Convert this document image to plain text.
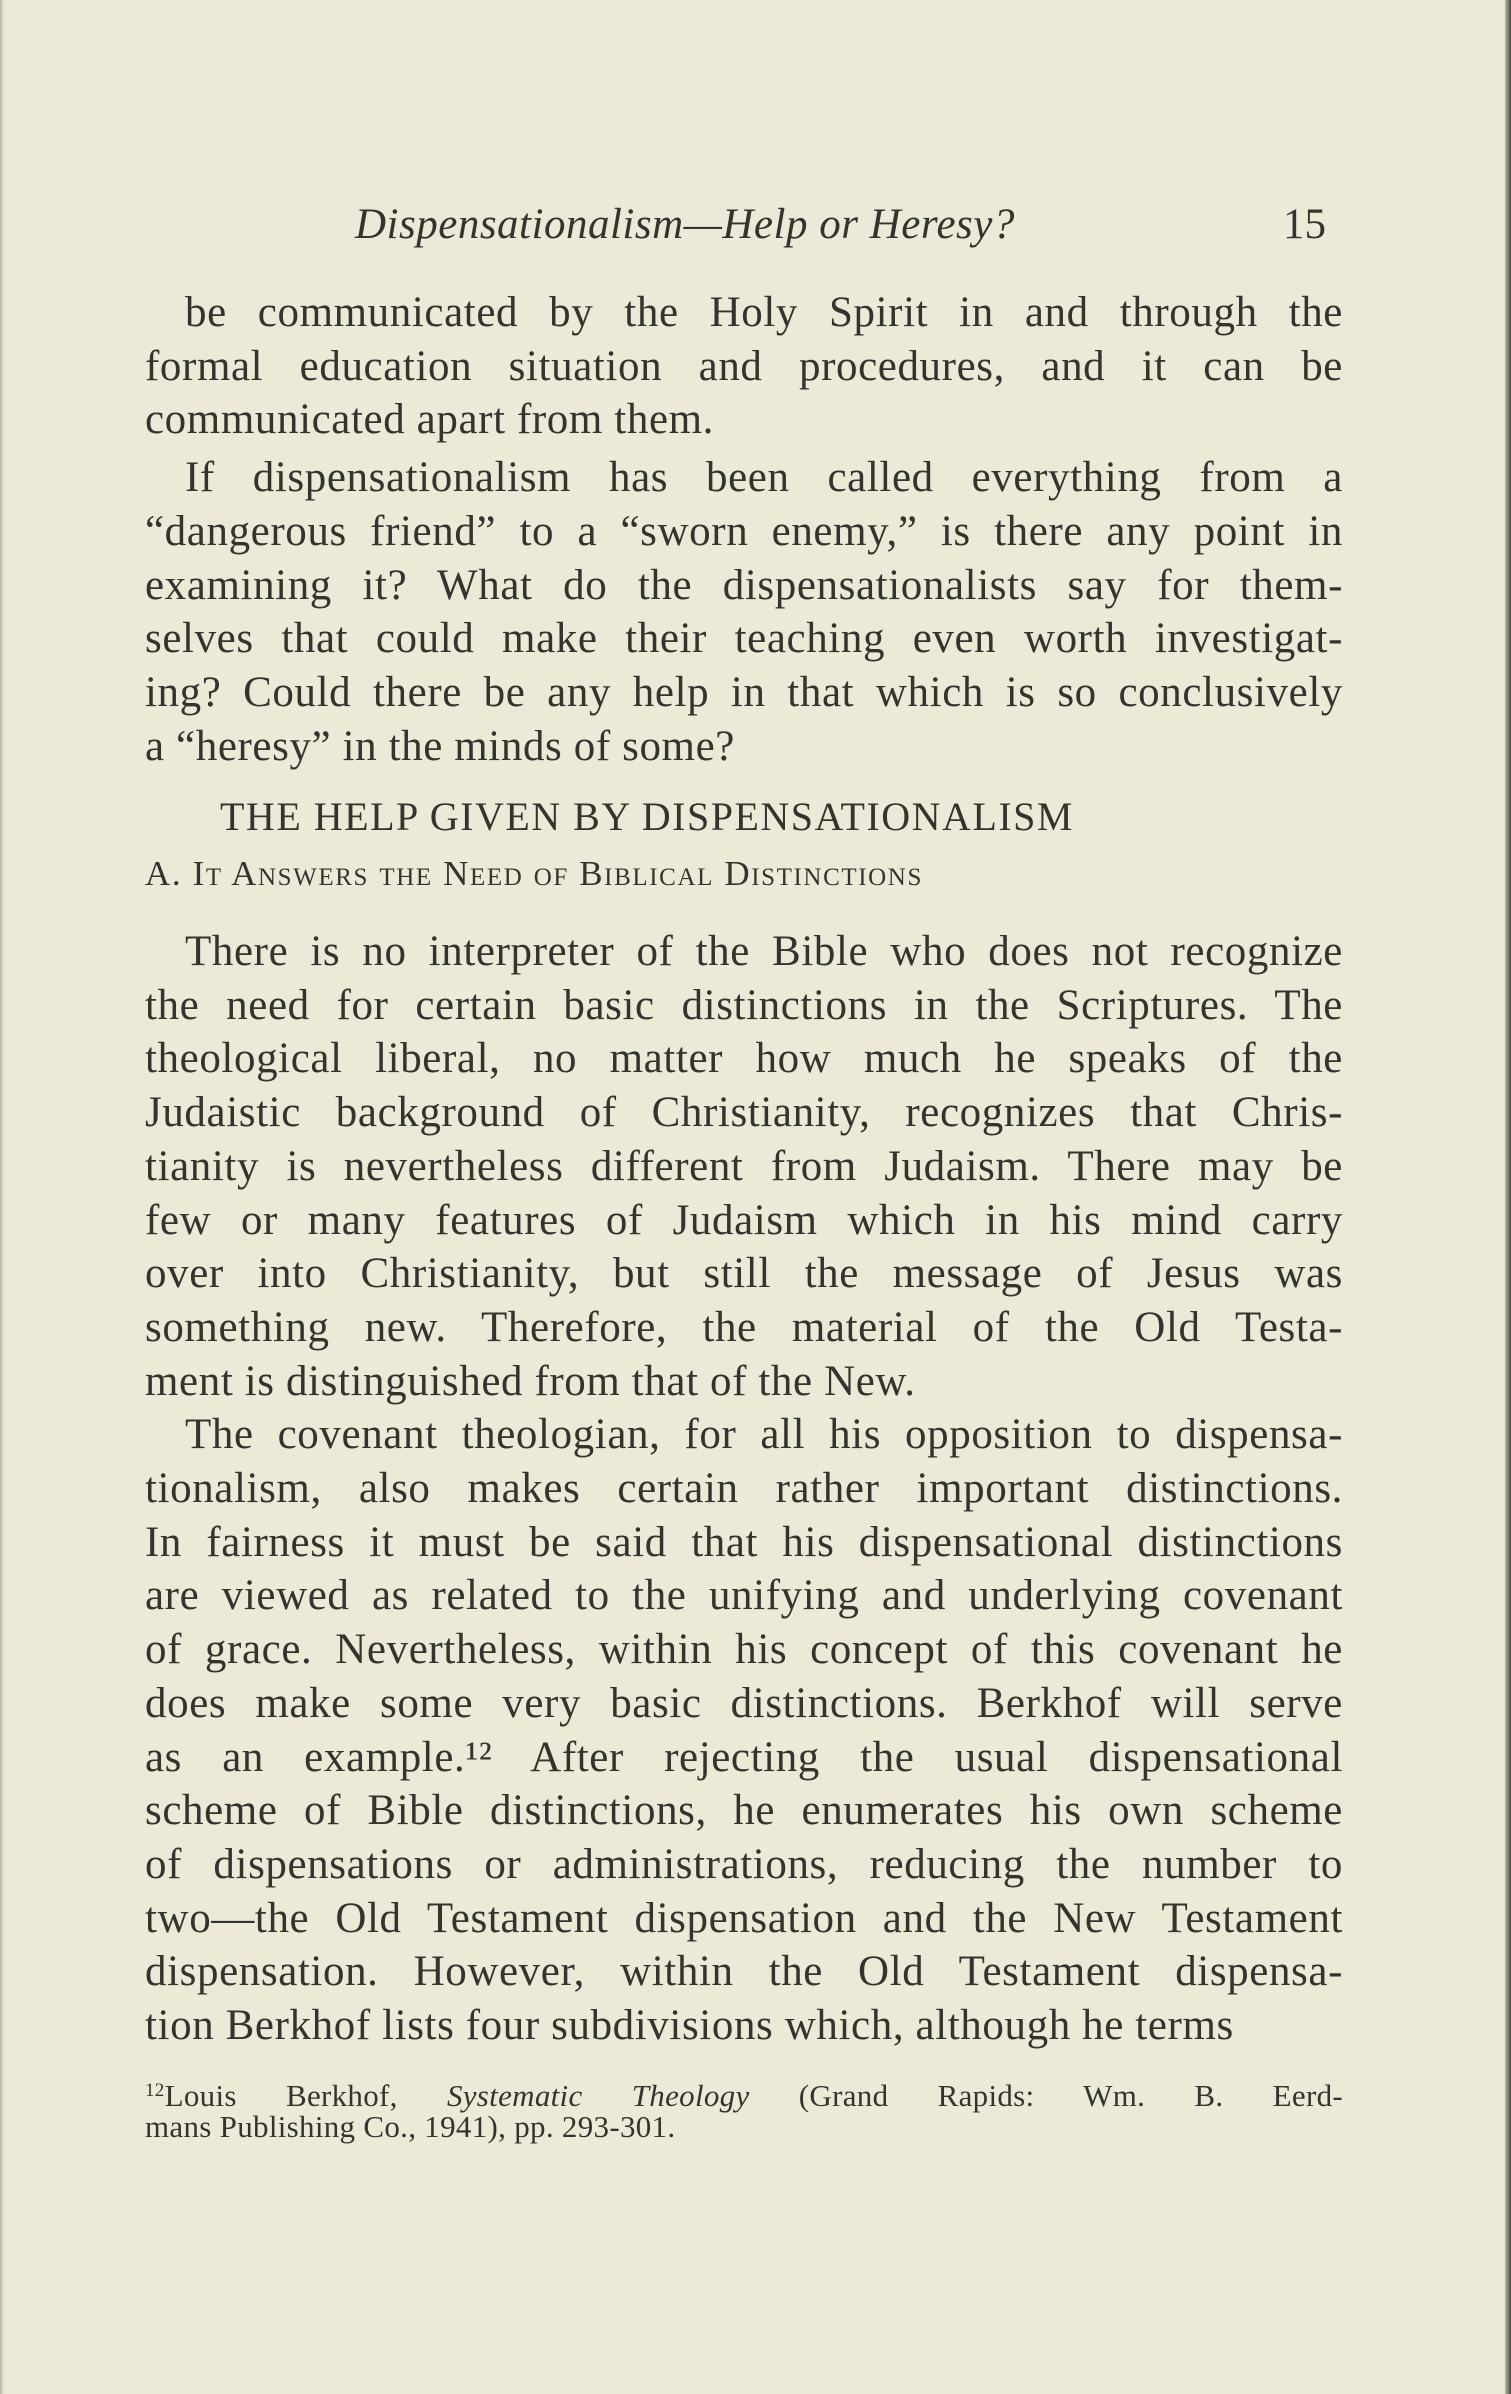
Dispensationalism—Help or Heresy?	15
be communicated by the Holy Spirit in and through the
formal education situation and procedures, and it can be
communicated apart from them.
If dispensationalism has been called everything from a
“dangerous friend” to a “sworn enemy,” is there any point in
examining it? What do the dispensationalists say for them-
selves that could make their teaching even worth investigat-
ing? Could there be any help in that which is so conclusively
a “heresy” in the minds of some?
THE HELP GIVEN BY DISPENSATIONALISM
A. It Answers the Need of Biblical Distinctions
There is no interpreter of the Bible who does not recognize
the need for certain basic distinctions in the Scriptures. The
theological liberal, no matter how much he speaks of the
Judaistic background of Christianity, recognizes that Chris-
tianity is nevertheless different from Judaism. There may be
few or many features of Judaism which in his mind carry
over into Christianity, but still the message of Jesus was
something new. Therefore, the material of the Old Testa-
ment is distinguished from that of the New.
The covenant theologian, for all his opposition to dispensa-
tionalism, also makes certain rather important distinctions.
In fairness it must be said that his dispensational distinctions
are viewed as related to the unifying and underlying covenant
of grace. Nevertheless, within his concept of this covenant he
does make some very basic distinctions. Berkhof will serve
as an example.¹² After rejecting the usual dispensational
scheme of Bible distinctions, he enumerates his own scheme
of dispensations or administrations, reducing the number to
two—the Old Testament dispensation and the New Testament
dispensation. However, within the Old Testament dispensa-
tion Berkhof lists four subdivisions which, although he terms
$^{12}$Louis Berkhof, Systematic Theology (Grand Rapids: Wm. B. Eerd-
mans Publishing Co., 1941), pp. 293-301.
